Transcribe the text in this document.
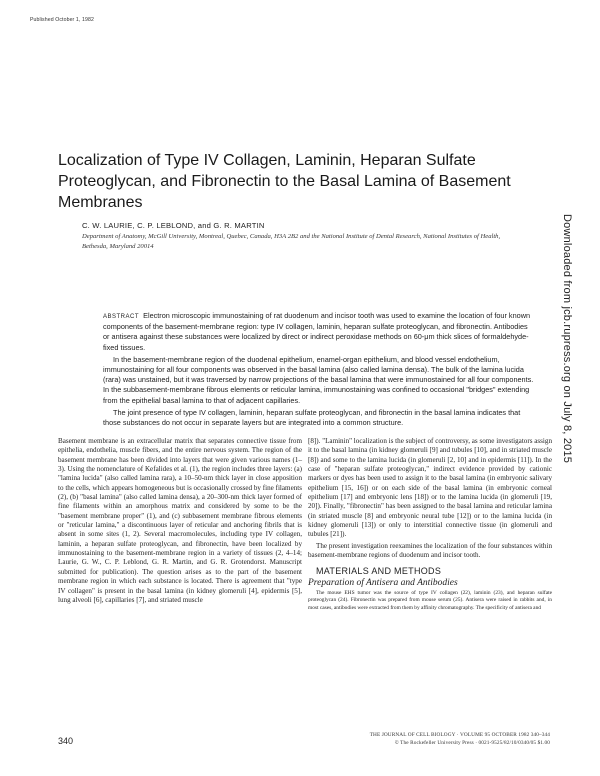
Published October 1, 1982
Downloaded from jcb.rupress.org on July 8, 2015
Localization of Type IV Collagen, Laminin, Heparan Sulfate Proteoglycan, and Fibronectin to the Basal Lamina of Basement Membranes
C. W. LAURIE, C. P. LEBLOND, and G. R. MARTIN
Department of Anatomy, McGill University, Montreal, Quebec, Canada, H3A 2B2 and the National Institute of Dental Research, National Institutes of Health, Bethesda, Maryland 20014

ABSTRACT Electron microscopic immunostaining of rat duodenum and incisor tooth was used to examine the location of four known components of the basement-membrane region: type IV collagen, laminin, heparan sulfate proteoglycan, and fibronectin. Antibodies or antisera against these substances were localized by direct or indirect peroxidase methods on 60-μm thick slices of formaldehyde-fixed tissues.

In the basement-membrane region of the duodenal epithelium, enamel-organ epithelium, and blood vessel endothelium, immunostaining for all four components was observed in the basal lamina (also called lamina densa). The bulk of the lamina lucida (rara) was unstained, but it was traversed by narrow projections of the basal lamina that were immunostained for all four components. In the subbasement-membrane fibrous elements or reticular lamina, immunostaining was confined to occasional "bridges" extending from the epithelial basal lamina to that of adjacent capillaries.

The joint presence of type IV collagen, laminin, heparan sulfate proteoglycan, and fibronectin in the basal lamina indicates that those substances do not occur in separate layers but are integrated into a common structure.

Basement membrane is an extracellular matrix that separates connective tissue from epithelia, endothelia, muscle fibers, and the entire nervous system. The region of the basement membrane has been divided into layers that were given various names (1–3). Using the nomenclature of Kefalides et al. (1), the region includes three layers: (a) "lamina lucida" (also called lamina rara), a 10–50-nm thick layer in close apposition to the cells, which appears homogeneous but is occasionally crossed by fine filaments (2), (b) "basal lamina" (also called lamina densa), a 20–300-nm thick layer formed of fine filaments within an amorphous matrix and considered by some to be the "basement membrane proper" (1), and (c) subbasement membrane fibrous elements or "reticular lamina," a discontinuous layer of reticular and anchoring fibrils that is absent in some sites (1, 2). Several macromolecules, including type IV collagen, laminin, a heparan sulfate proteoglycan, and fibronectin, have been localized by immunostaining to the basement-membrane region in a variety of tissues (2, 4–14; Laurie, G. W., C. P. Leblond, G. R. Martin, and G. R. Grotendorst. Manuscript submitted for publication). The question arises as to the part of the basement membrane region in which each substance is located. There is agreement that "type IV collagen" is present in the basal lamina (in kidney glomeruli [4], epidermis [5], lung alveoli [6], capillaries [7], and striated muscle

[8]). "Laminin" localization is the subject of controversy, as some investigators assign it to the basal lamina (in kidney glomeruli [9] and tubules [10], and in striated muscle [8]) and some to the lamina lucida (in glomeruli [2, 10] and in epidermis [11]). In the case of "heparan sulfate proteoglycan," indirect evidence provided by cationic markers or dyes has been used to assign it to the basal lamina (in embryonic salivary epithelium [15, 16]) or on each side of the basal lamina (in embryonic corneal epithelium [17] and embryonic lens [18]) or to the lamina lucida (in glomeruli [19, 20]). Finally, "fibronectin" has been assigned to the basal lamina and reticular lamina (in striated muscle [8] and embryonic neural tube [12]) or to the lamina lucida (in kidney glomeruli [13]) or only to interstitial connective tissue (in glomeruli and tubules [21]).

The present investigation reexamines the localization of the four substances within basement-membrane regions of duodenum and incisor tooth.

MATERIALS AND METHODS

Preparation of Antisera and Antibodies

The mouse EHS tumor was the source of type IV collagen (22), laminin (23), and heparan sulfate proteoglycan (24). Fibronectin was prepared from mouse serum (25). Antisera were raised in rabbits and, in most cases, antibodies were extracted from them by affinity chromatography. The specificity of antisera and

340
THE JOURNAL OF CELL BIOLOGY · VOLUME 95 OCTOBER 1982 340–344
© The Rockefeller University Press · 0021-9525/82/10/0340/05 $1.00
